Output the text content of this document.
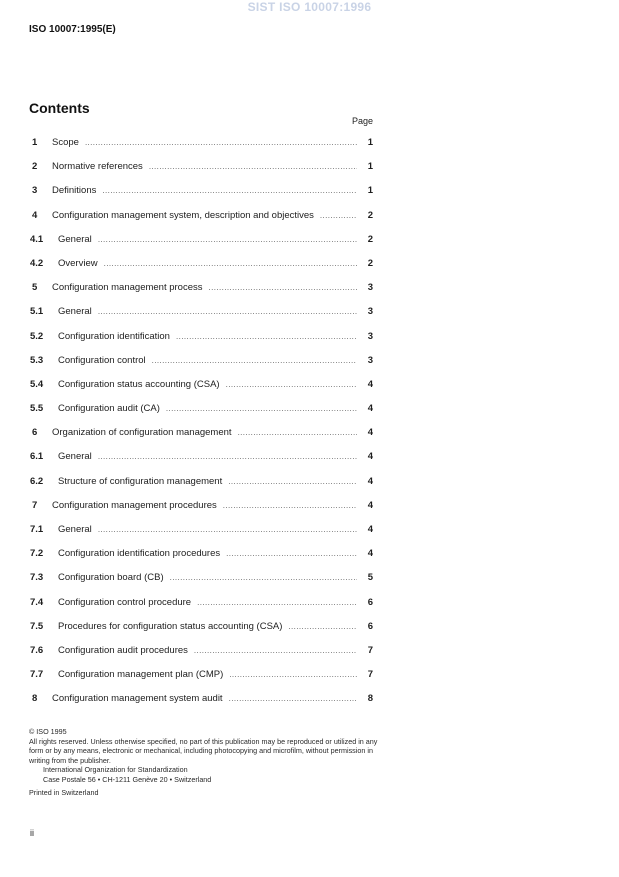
SIST ISO 10007:1996
ISO 10007:1995(E)
Contents
Page
1	Scope .....	1
2	Normative references .....	1
3	Definitions .....	1
4	Configuration management system, description and objectives .....	2
4.1	General .....	2
4.2	Overview .....	2
5	Configuration management process .....	3
5.1	General .....	3
5.2	Configuration identification .....	3
5.3	Configuration control .....	3
5.4	Configuration status accounting (CSA) .....	4
5.5	Configuration audit (CA) .....	4
6	Organization of configuration management .....	4
6.1	General .....	4
6.2	Structure of configuration management .....	4
7	Configuration management procedures .....	4
7.1	General .....	4
7.2	Configuration identification procedures .....	4
7.3	Configuration board (CB) .....	5
7.4	Configuration control procedure .....	6
7.5	Procedures for configuration status accounting (CSA) .....	6
7.6	Configuration audit procedures .....	7
7.7	Configuration management plan (CMP) .....	7
8	Configuration management system audit .....	8

© ISO 1995

All rights reserved. Unless otherwise specified, no part of this publication may be reproduced or utilized in any form or by any means, electronic or mechanical, including photocopying and microfilm, without permission in writing from the publisher.

International Organization for Standardization

Case Postale 56 • CH-1211 Genève 20 • Switzerland

Printed in Switzerland

ii
